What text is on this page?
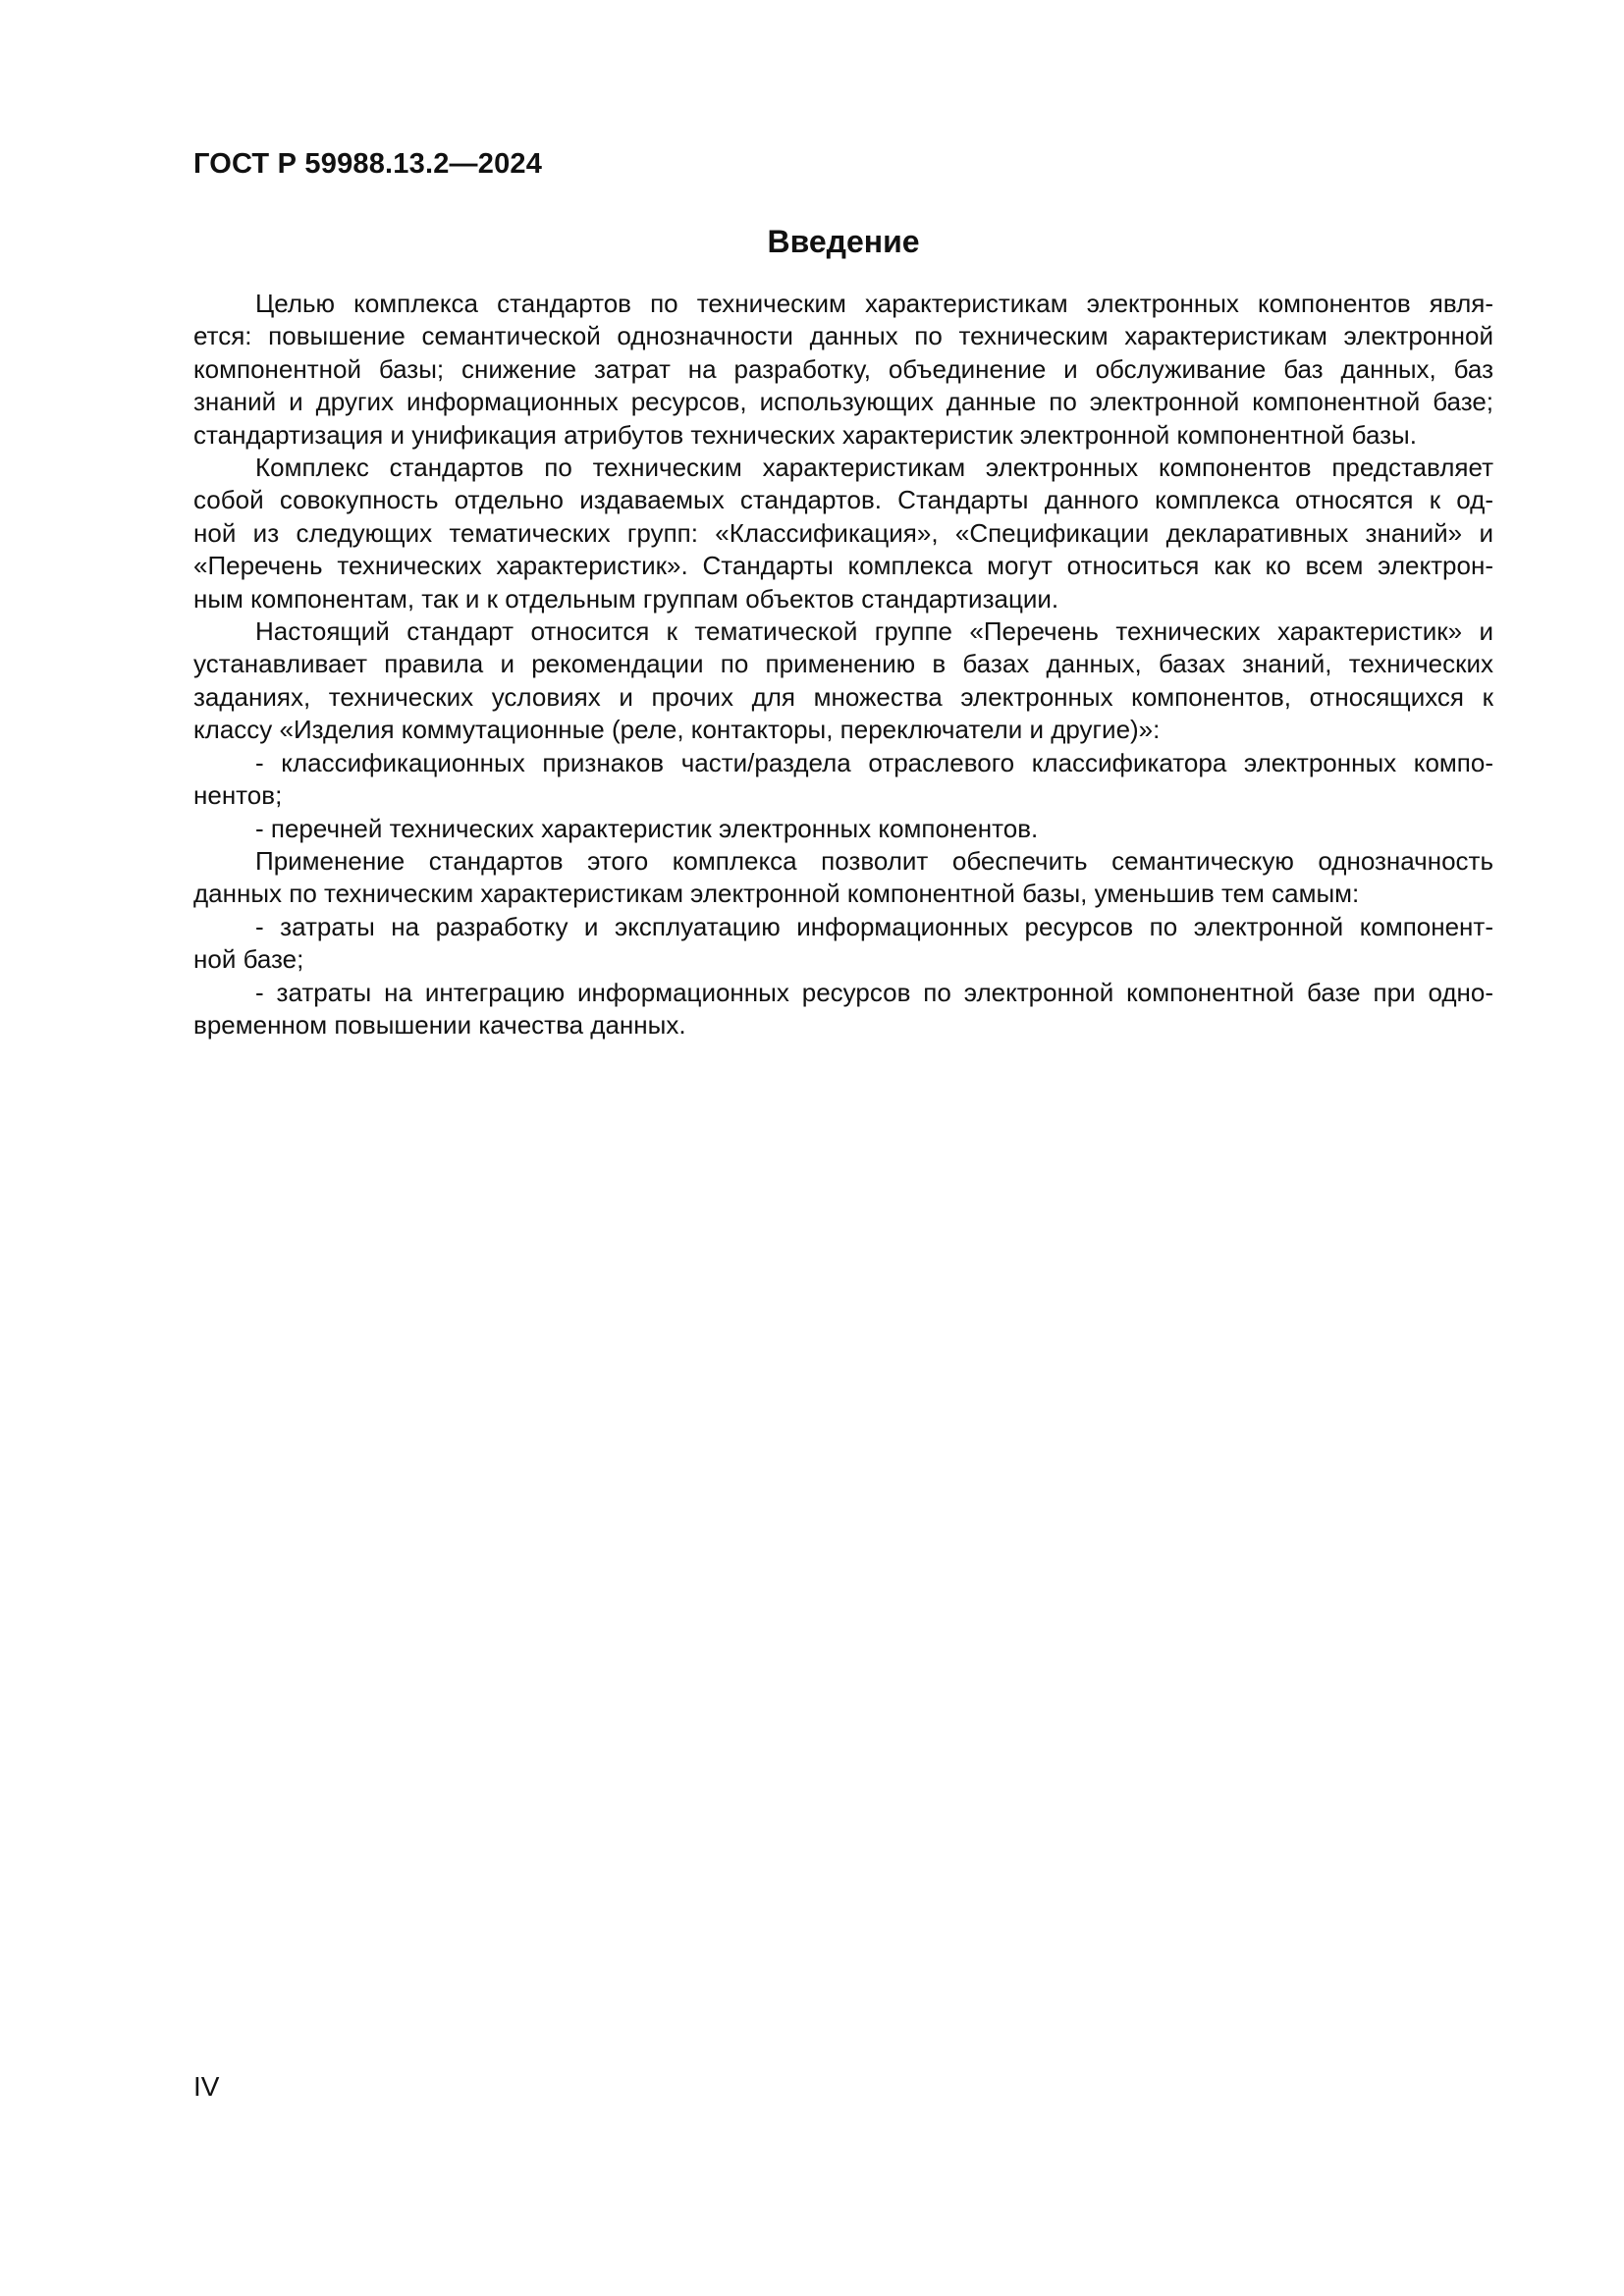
ГОСТ Р 59988.13.2—2024
Введение
Целью комплекса стандартов по техническим характеристикам электронных компонентов явля-
ется: повышение семантической однозначности данных по техническим характеристикам электронной
компонентной базы; снижение затрат на разработку, объединение и обслуживание баз данных, баз
знаний и других информационных ресурсов, использующих данные по электронной компонентной базе;
стандартизация и унификация атрибутов технических характеристик электронной компонентной базы.
Комплекс стандартов по техническим характеристикам электронных компонентов представляет
собой совокупность отдельно издаваемых стандартов. Стандарты данного комплекса относятся к од-
ной из следующих тематических групп: «Классификация», «Спецификации декларативных знаний» и
«Перечень технических характеристик». Стандарты комплекса могут относиться как ко всем электрон-
ным компонентам, так и к отдельным группам объектов стандартизации.
Настоящий стандарт относится к тематической группе «Перечень технических характеристик» и
устанавливает правила и рекомендации по применению в базах данных, базах знаний, технических
заданиях, технических условиях и прочих для множества электронных компонентов, относящихся к
классу «Изделия коммутационные (реле, контакторы, переключатели и другие)»:
- классификационных признаков части/раздела отраслевого классификатора электронных компо-
нентов;
- перечней технических характеристик электронных компонентов.
Применение стандартов этого комплекса позволит обеспечить семантическую однозначность
данных по техническим характеристикам электронной компонентной базы, уменьшив тем самым:
- затраты на разработку и эксплуатацию информационных ресурсов по электронной компонент-
ной базе;
- затраты на интеграцию информационных ресурсов по электронной компонентной базе при одно-
временном повышении качества данных.
IV
